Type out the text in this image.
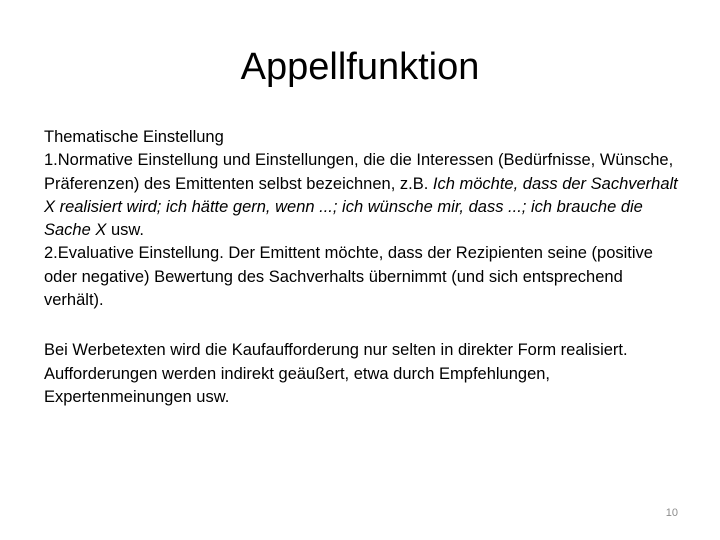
Appellfunktion

Thematische Einstellung

1.Normative Einstellung und Einstellungen, die die Interessen (Bedürfnisse, Wünsche, Präferenzen) des Emittenten selbst bezeichnen, z.B. Ich möchte, dass der Sachverhalt X realisiert wird; ich hätte gern, wenn ...; ich wünsche mir, dass ...; ich brauche die Sache X usw.

2.Evaluative Einstellung. Der Emittent möchte, dass der Rezipienten seine (positive oder negative) Bewertung des Sachverhalts übernimmt (und sich entsprechend verhält).

Bei Werbetexten wird die Kaufaufforderung nur selten in direkter Form realisiert. Aufforderungen werden indirekt geäußert, etwa durch Empfehlungen, Expertenmeinungen usw.

10
